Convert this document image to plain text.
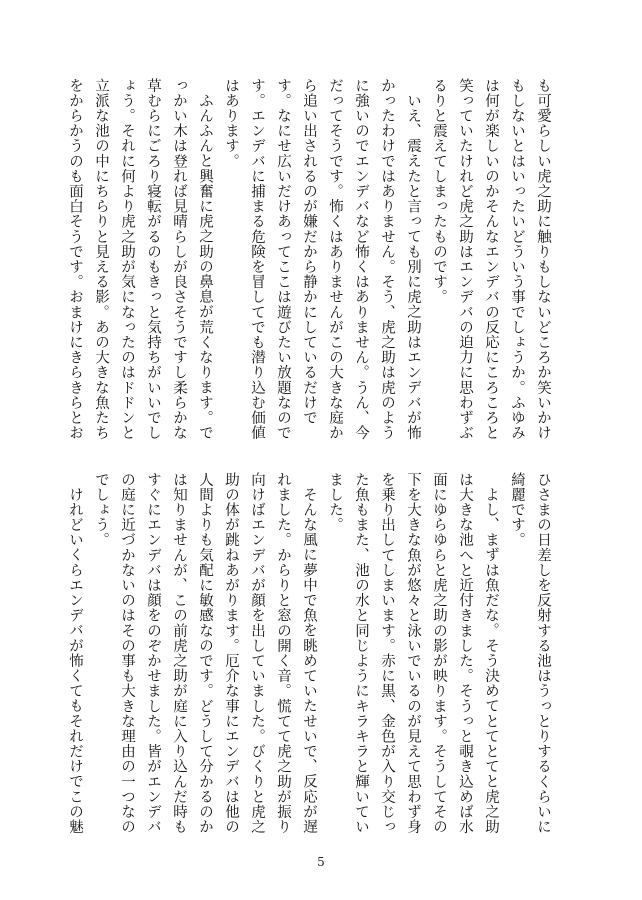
も可愛らしい虎之助に触りもしないどころか笑いかけもしないとはいったいどういう事でしょうか。ふゆみは何が楽しいのかそんなエンデバの反応にころころと笑っていたけれど虎之助はエンデバの迫力に思わずぶるりと震えてしまったものです。

いえ、震えたと言っても別に虎之助はエンデバが怖かったわけではありません。そう、虎之助は虎のように強いのでエンデバなど怖くはありません。うん、今だってそうです。怖くはありませんがこの大きな庭から追い出されるのが嫌だから静かにしているだけです。なにせ広いだけあってここは遊びたい放題なのです。エンデバに捕まる危険を冒してでも潜り込む価値はあります。

ふんふんと興奮に虎之助の鼻息が荒くなります。でっかい木は登れば見晴らしが良さそうですし柔らかな草むらにごろり寝転がるのもきっと気持ちがいいでしょう。それに何より虎之助が気になったのはドドンと立派な池の中にちらりと見える影。あの大きな魚たちをからかうのも面白そうです。おまけにきらきらとお

ひさまの日差しを反射する池はうっとりするくらいに綺麗です。

よし、まずは魚だな。そう決めてとてとてと虎之助は大きな池へと近付きました。そうっと覗き込めば水面にゆらゆらと虎之助の影が映ります。そうしてその下を大きな魚が悠々と泳いでいるのが見えて思わず身を乗り出してしまいます。赤に黒、金色が入り交じった魚もまた、池の水と同じようにキラキラと輝いていました。

そんな風に夢中で魚を眺めていたせいで、反応が遅れました。からりと窓の開く音。慌てて虎之助が振り向けばエンデバが顔を出していました。びくりと虎之助の体が跳ねあがります。厄介な事にエンデバは他の人間よりも気配に敏感なのです。どうして分かるのかは知りませんが、この前虎之助が庭に入り込んだ時もすぐにエンデバは顔をのぞかせました。皆がエンデバの庭に近づかないのはその事も大きな理由の一つなのでしょう。

けれどいくらエンデバが怖くてもそれだけでこの魅

5
